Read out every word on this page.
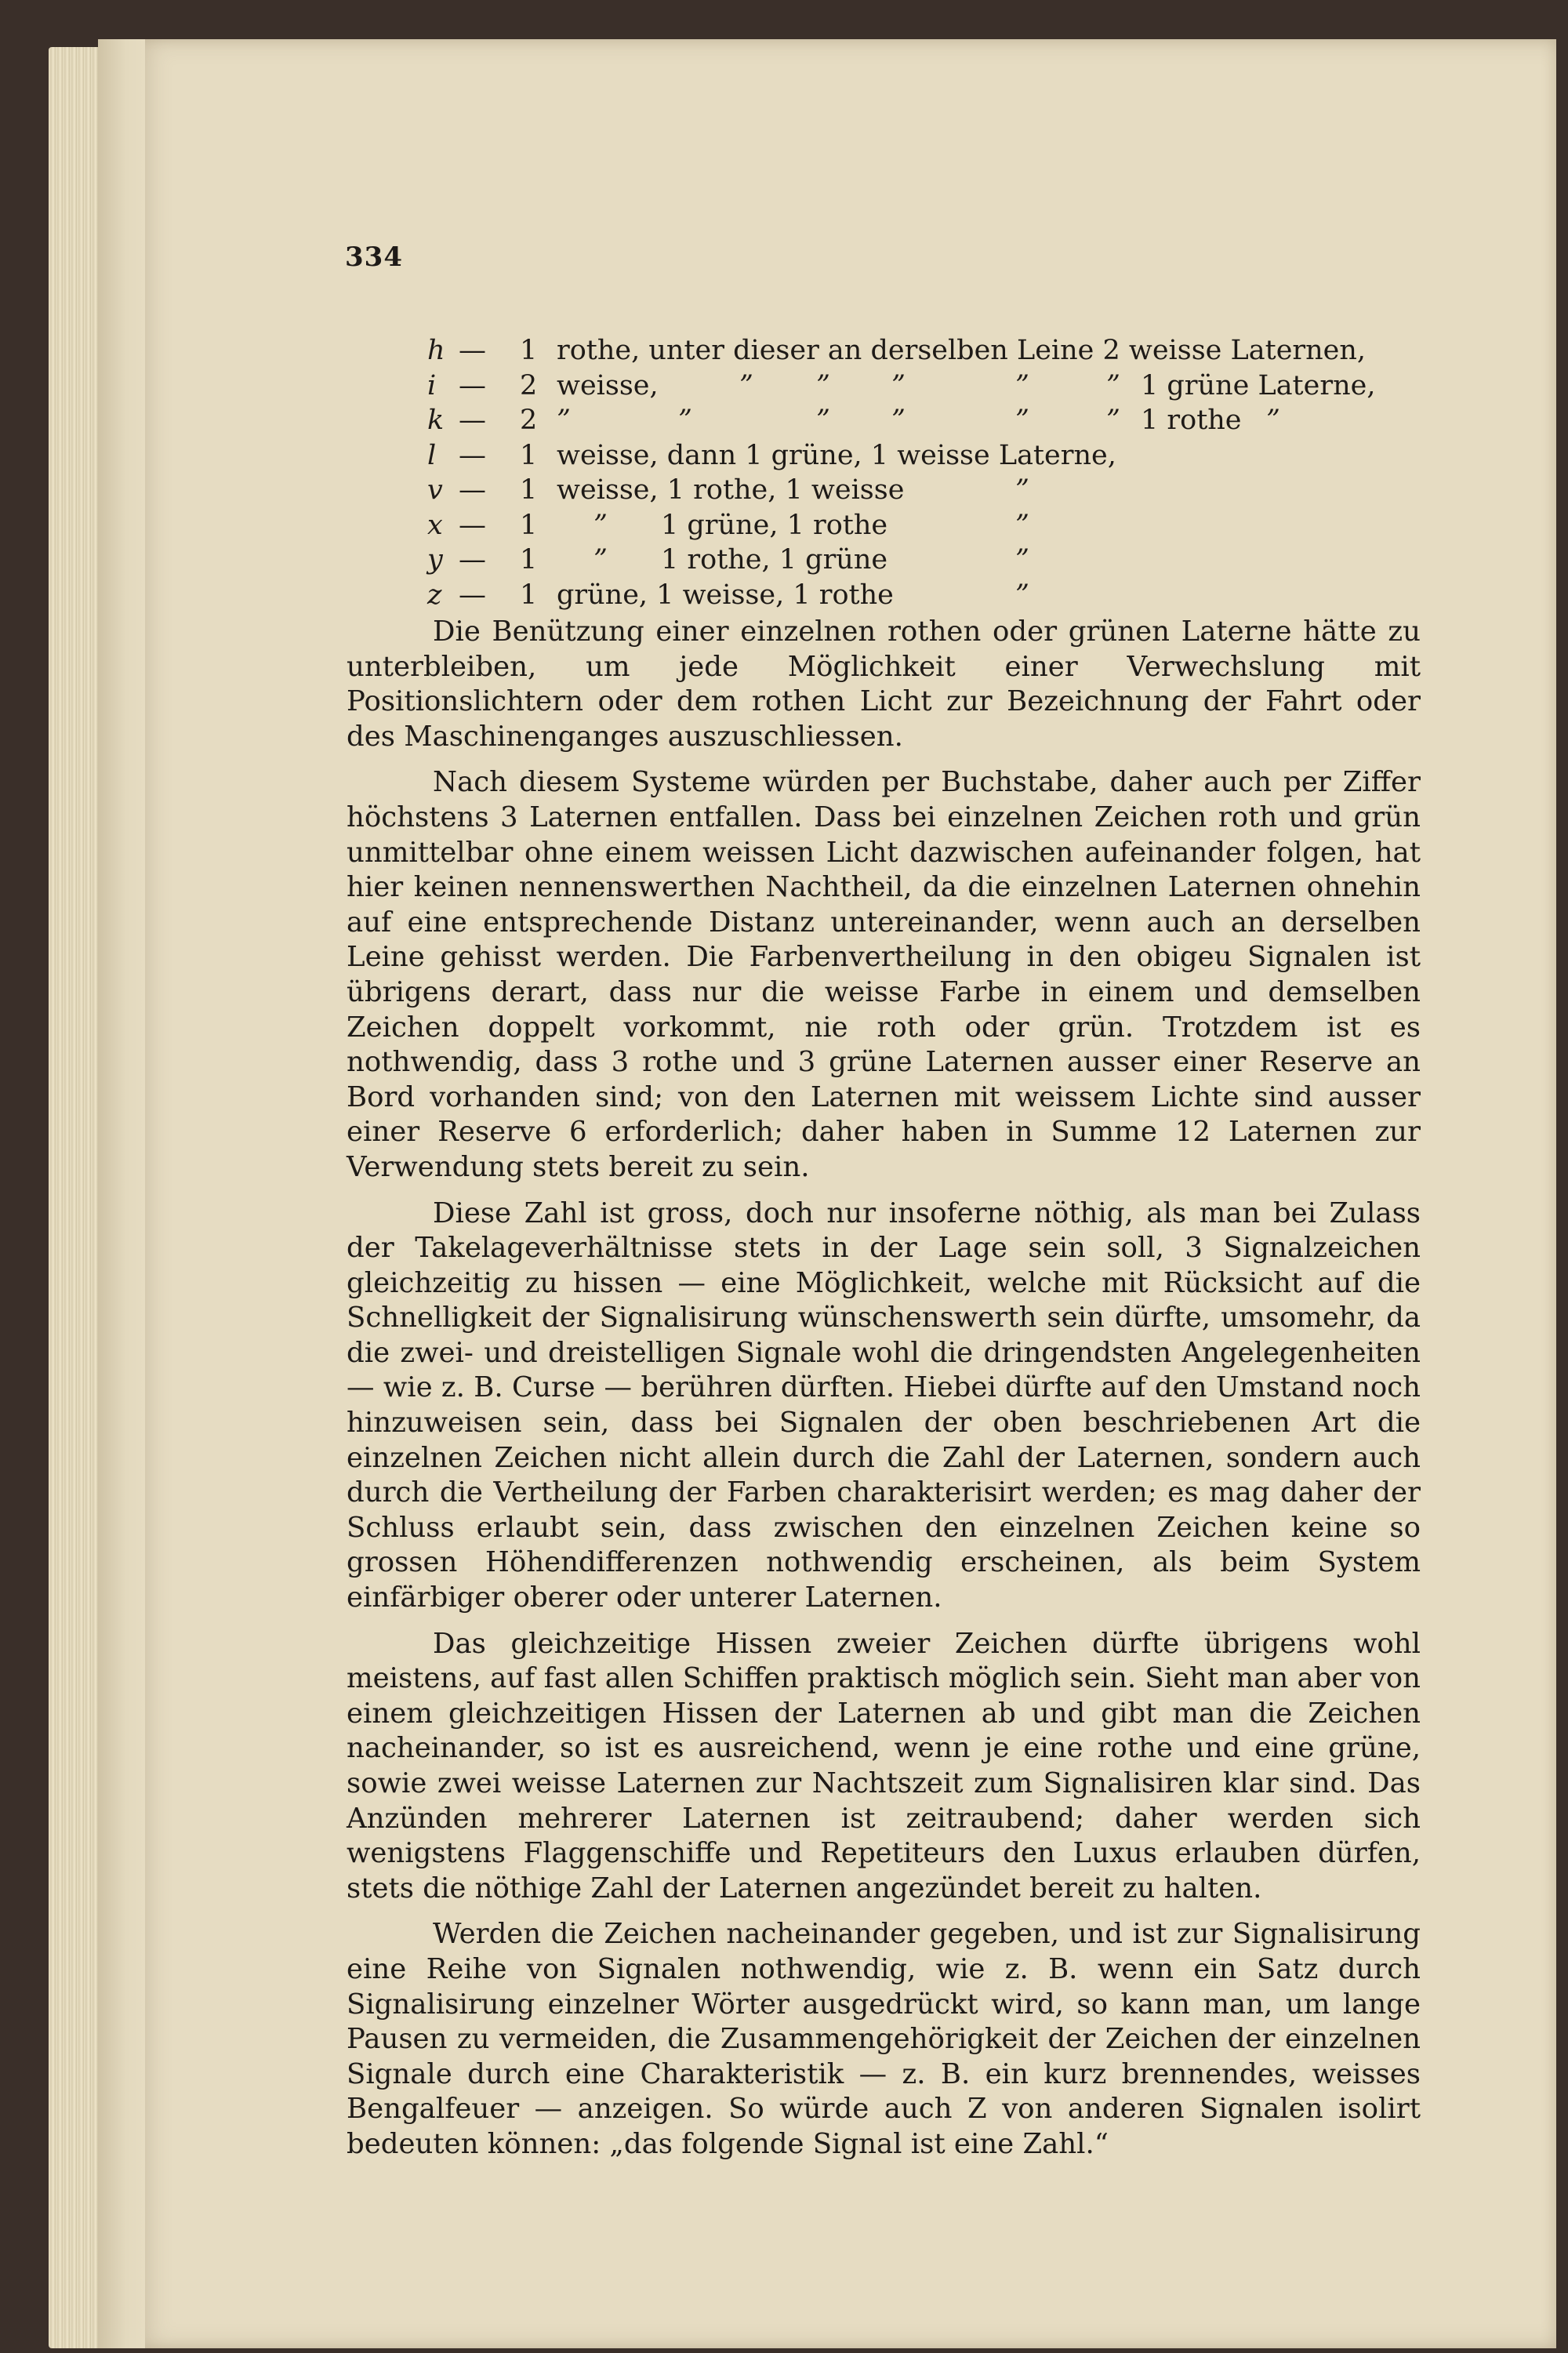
334
h — 1 rothe, unter dieser an derselben Leine 2 weisse Laternen,
i — 2 weisse,	” ” ”	”	” 1 grüne Laterne,
k — 2 ”	”	” ”	”	” 1 rothe ”
l — 1 weisse, dann 1 grüne, 1 weisse Laterne,
v — 1 weisse, 1 rothe, 1 weisse	”
x — 1 ” 1 grüne, 1 rothe	”
y — 1 ” 1 rothe, 1 grüne	”
z — 1 grüne, 1 weisse, 1 rothe	”

Die Benützung einer einzelnen rothen oder grünen Laterne hätte zu unterbleiben, um jede Möglichkeit einer Verwechslung mit Positionslichtern oder dem rothen Licht zur Bezeichnung der Fahrt oder des Maschinenganges auszuschliessen.

Nach diesem Systeme würden per Buchstabe, daher auch per Ziffer höchstens 3 Laternen entfallen. Dass bei einzelnen Zeichen roth und grün unmittelbar ohne einem weissen Licht dazwischen aufeinander folgen, hat hier keinen nennenswerthen Nachtheil, da die einzelnen Laternen ohnehin auf eine entsprechende Distanz untereinander, wenn auch an derselben Leine gehisst werden. Die Farbenvertheilung in den obigeu Signalen ist übrigens derart, dass nur die weisse Farbe in einem und demselben Zeichen doppelt vorkommt, nie roth oder grün. Trotzdem ist es nothwendig, dass 3 rothe und 3 grüne Laternen ausser einer Reserve an Bord vorhanden sind; von den Laternen mit weissem Lichte sind ausser einer Reserve 6 erforderlich; daher haben in Summe 12 Laternen zur Verwendung stets bereit zu sein.

Diese Zahl ist gross, doch nur insoferne nöthig, als man bei Zulass der Takelageverhältnisse stets in der Lage sein soll, 3 Signalzeichen gleichzeitig zu hissen — eine Möglichkeit, welche mit Rücksicht auf die Schnelligkeit der Signalisirung wünschenswerth sein dürfte, umsomehr, da die zwei- und dreistelligen Signale wohl die dringendsten Angelegenheiten — wie z. B. Curse — berühren dürften. Hiebei dürfte auf den Umstand noch hinzuweisen sein, dass bei Signalen der oben beschriebenen Art die einzelnen Zeichen nicht allein durch die Zahl der Laternen, sondern auch durch die Vertheilung der Farben charakterisirt werden; es mag daher der Schluss erlaubt sein, dass zwischen den einzelnen Zeichen keine so grossen Höhendifferenzen nothwendig erscheinen, als beim System einfärbiger oberer oder unterer Laternen.

Das gleichzeitige Hissen zweier Zeichen dürfte übrigens wohl meistens, auf fast allen Schiffen praktisch möglich sein. Sieht man aber von einem gleichzeitigen Hissen der Laternen ab und gibt man die Zeichen nacheinander, so ist es ausreichend, wenn je eine rothe und eine grüne, sowie zwei weisse Laternen zur Nachtszeit zum Signalisiren klar sind. Das Anzünden mehrerer Laternen ist zeitraubend; daher werden sich wenigstens Flaggenschiffe und Repetiteurs den Luxus erlauben dürfen, stets die nöthige Zahl der Laternen angezündet bereit zu halten.

Werden die Zeichen nacheinander gegeben, und ist zur Signalisirung eine Reihe von Signalen nothwendig, wie z. B. wenn ein Satz durch Signalisirung einzelner Wörter ausgedrückt wird, so kann man, um lange Pausen zu vermeiden, die Zusammengehörigkeit der Zeichen der einzelnen Signale durch eine Charakteristik — z. B. ein kurz brennendes, weisses Bengalfeuer — anzeigen. So würde auch Z von anderen Signalen isolirt bedeuten können: „das folgende Signal ist eine Zahl.“
